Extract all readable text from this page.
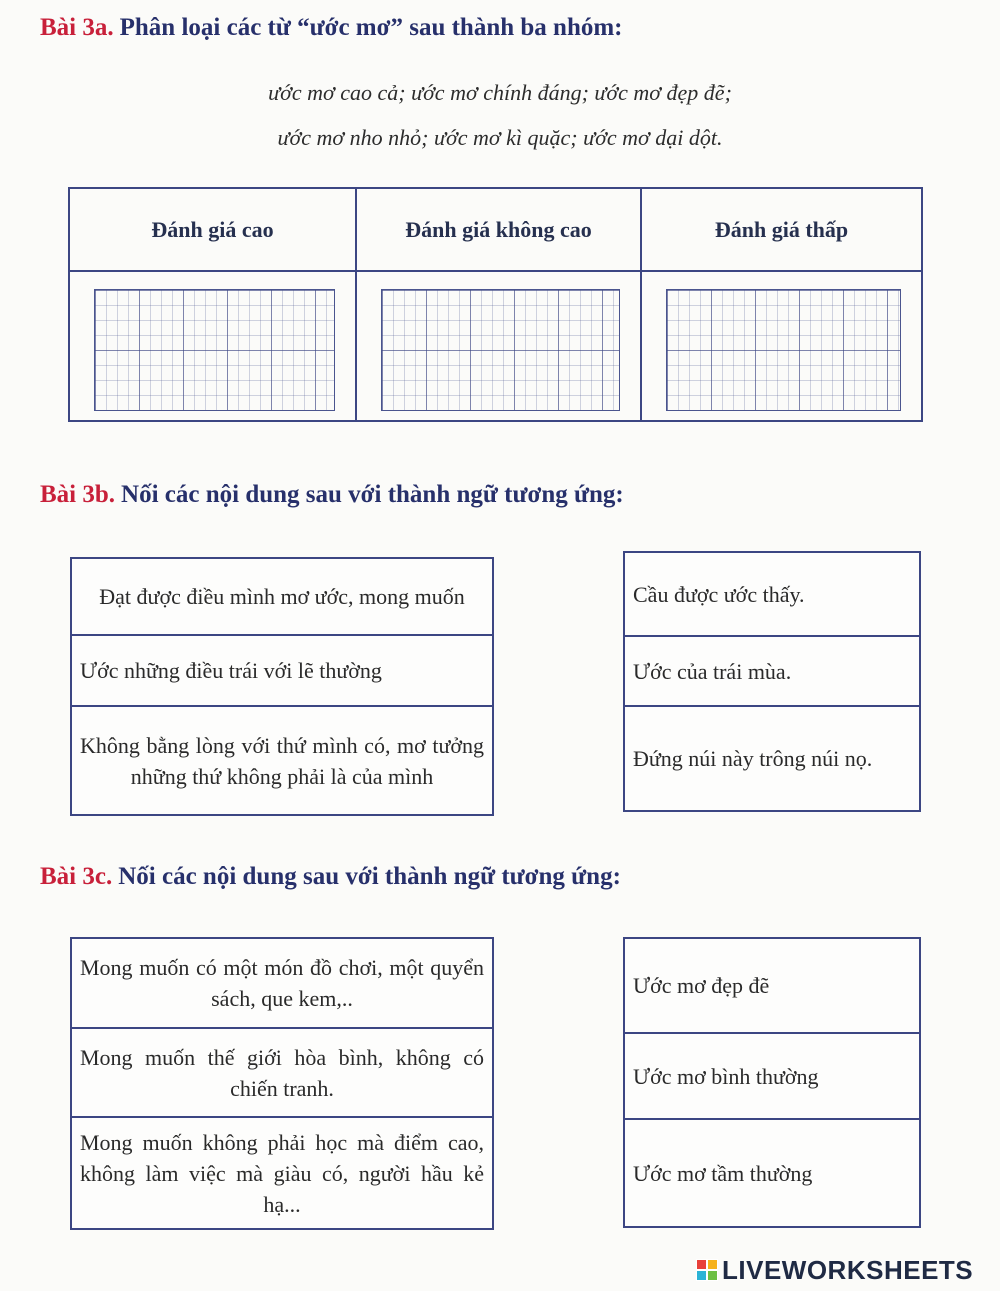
Bài 3a. Phân loại các từ “ước mơ” sau thành ba nhóm:
ước mơ cao cả; ước mơ chính đáng; ước mơ đẹp đẽ;
ước mơ nho nhỏ; ước mơ kì quặc; ước mơ dại dột.
Đánh giá cao	Đánh giá không cao	Đánh giá thấp
Bài 3b. Nối các nội dung sau với thành ngữ tương ứng:
Đạt được điều mình mơ ước, mong muốn
Ước những điều trái với lẽ thường
Không bằng lòng với thứ mình có, mơ tưởng những thứ không phải là của mình
Cầu được ước thấy.
Ước của trái mùa.
Đứng núi này trông núi nọ.
Bài 3c. Nối các nội dung sau với thành ngữ tương ứng:
Mong muốn có một món đồ chơi, một quyển sách, que kem,..
Mong muốn thế giới hòa bình, không có chiến tranh.
Mong muốn không phải học mà điểm cao, không làm việc mà giàu có, người hầu kẻ hạ...
Ước mơ đẹp đẽ
Ước mơ bình thường
Ước mơ tầm thường
LIVEWORKSHEETS
